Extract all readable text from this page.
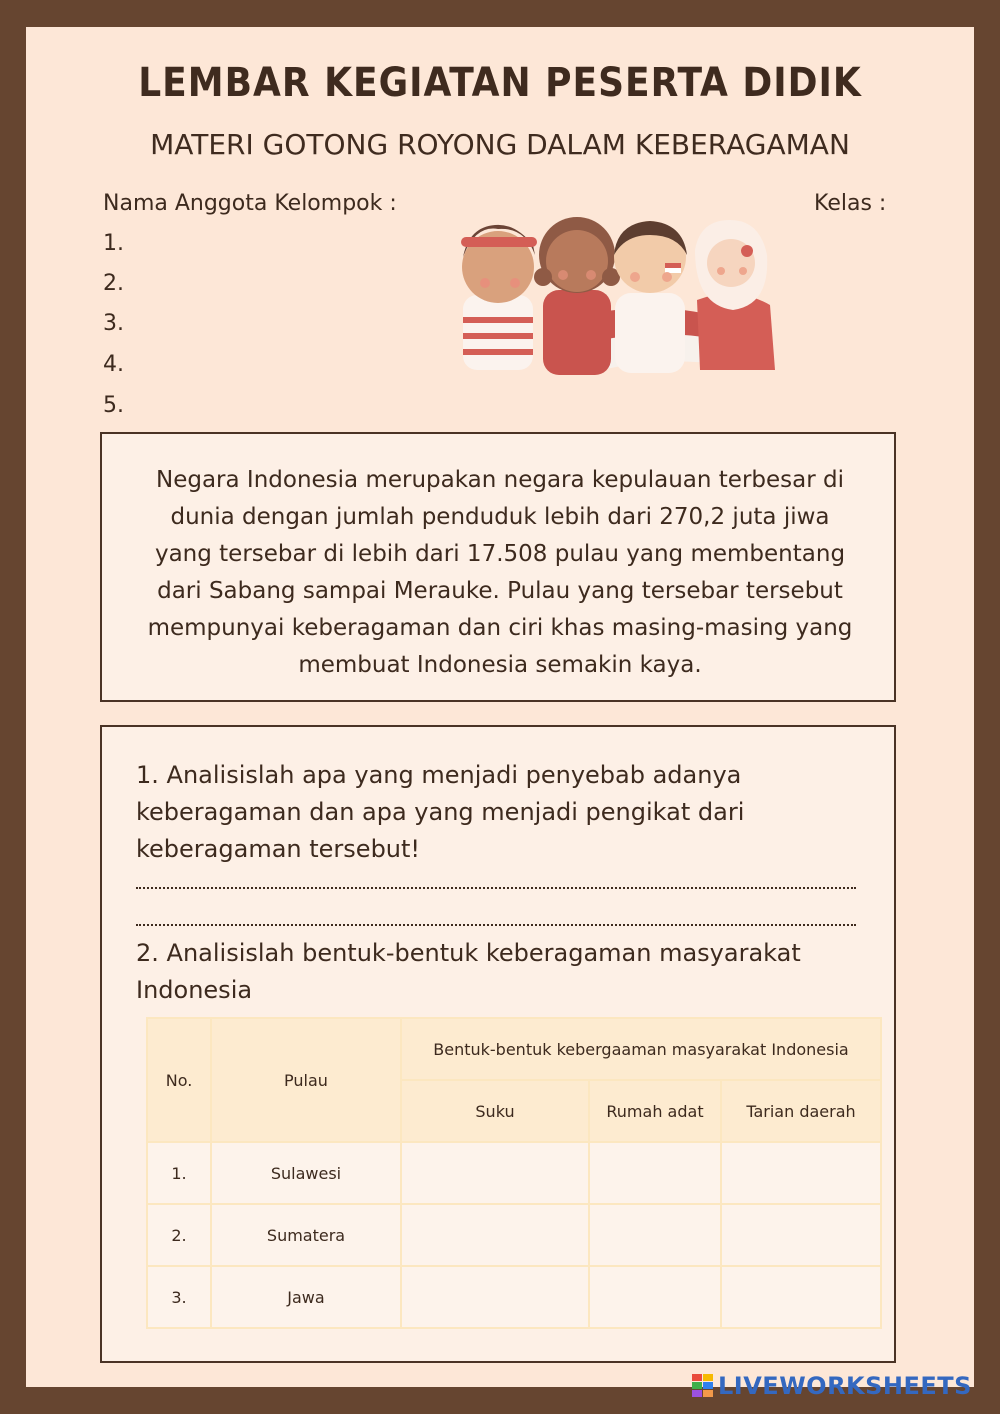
LEMBAR KEGIATAN PESERTA DIDIK
MATERI GOTONG ROYONG DALAM KEBERAGAMAN
Nama Anggota Kelompok :	Kelas :
1.
2.
3.
4.
5.
Negara Indonesia merupakan negara kepulauan terbesar di dunia dengan jumlah penduduk lebih dari 270,2 juta jiwa yang tersebar di lebih dari 17.508 pulau yang membentang dari Sabang sampai Merauke. Pulau yang tersebar tersebut mempunyai keberagaman dan ciri khas masing-masing yang membuat Indonesia semakin kaya.
1. Analisislah apa yang menjadi penyebab adanya keberagaman dan apa yang menjadi pengikat dari keberagaman tersebut!
2. Analisislah bentuk-bentuk keberagaman masyarakat Indonesia
No.	Pulau	Bentuk-bentuk kebergaaman masyarakat Indonesia		
		Suku	Rumah adat	Tarian daerah
1.	Sulawesi			
2.	Sumatera			
3.	Jawa			
LIVEWORKSHEETS
